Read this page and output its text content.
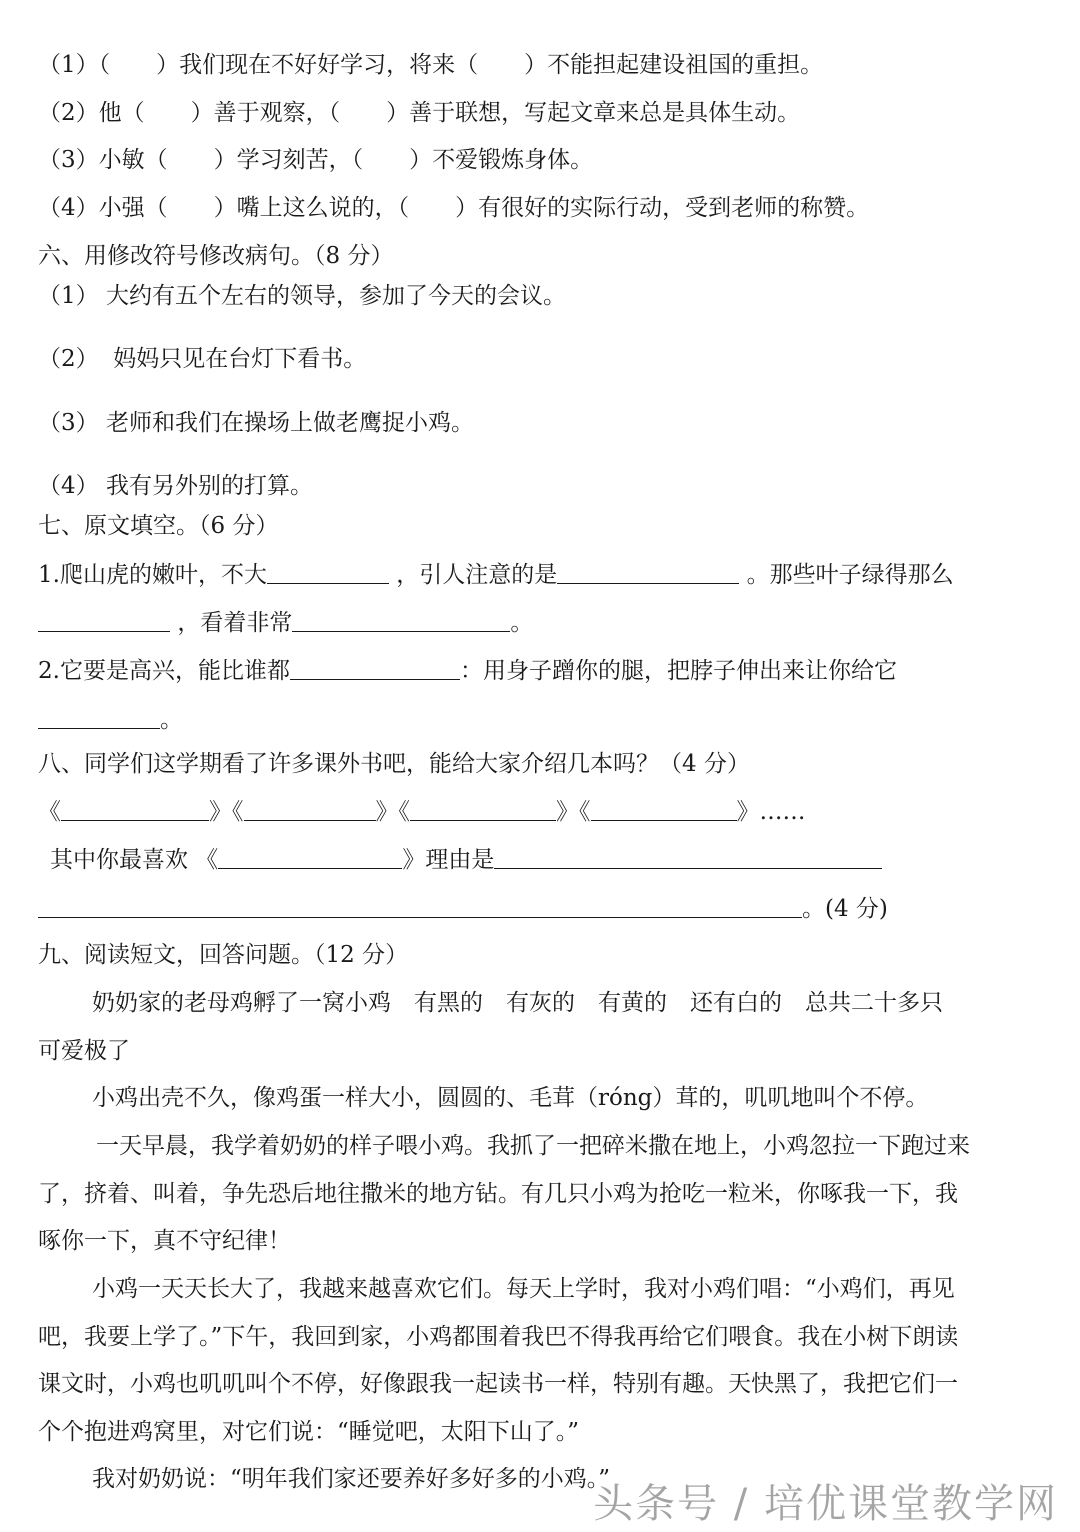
（1）（　　）我们现在不好好学习，将来（　　）不能担起建设祖国的重担。
（2）他（　　）善于观察，（　　）善于联想，写起文章来总是具体生动。
（3）小敏（　　）学习刻苦，（　　）不爱锻炼身体。
（4）小强（　　）嘴上这么说的，（　　）有很好的实际行动，受到老师的称赞。
六、用修改符号修改病句。（8 分）
（1） 大约有五个左右的领导，参加了今天的会议。
（2）  妈妈只见在台灯下看书。
（3） 老师和我们在操场上做老鹰捉小鸡。
（4） 我有另外别的打算。
七、原文填空。（6 分）
1.爬山虎的嫩叶，不大	，引人注意的是	。那些叶子绿得那么
，看着非常	。
2.它要是高兴，能比谁都	：用身子蹭你的腿，把脖子伸出来让你给它
。
八、同学们这学期看了许多课外书吧，能给大家介绍几本吗？（4 分）
《	》《	》《	》《	》……
其中你最喜欢 《	》理由是
。(4 分)
九、阅读短文，回答问题。（12 分）
奶奶家的老母鸡孵了一窝小鸡　有黑的　有灰的　有黄的　还有白的　总共二十多只
可爱极了
小鸡出壳不久，像鸡蛋一样大小，圆圆的、毛茸（róng）茸的，叽叽地叫个不停。
一天早晨，我学着奶奶的样子喂小鸡。我抓了一把碎米撒在地上，小鸡忽拉一下跑过来
了，挤着、叫着，争先恐后地往撒米的地方钻。有几只小鸡为抢吃一粒米，你啄我一下，我
啄你一下，真不守纪律！
小鸡一天天长大了，我越来越喜欢它们。每天上学时，我对小鸡们唱：“小鸡们，再见
吧，我要上学了。”下午，我回到家，小鸡都围着我巴不得我再给它们喂食。我在小树下朗读
课文时，小鸡也叽叽叫个不停，好像跟我一起读书一样，特别有趣。天快黑了，我把它们一
个个抱进鸡窝里，对它们说：“睡觉吧，太阳下山了。”
我对奶奶说：“明年我们家还要养好多好多的小鸡。”
头条号 / 培优课堂教学网
